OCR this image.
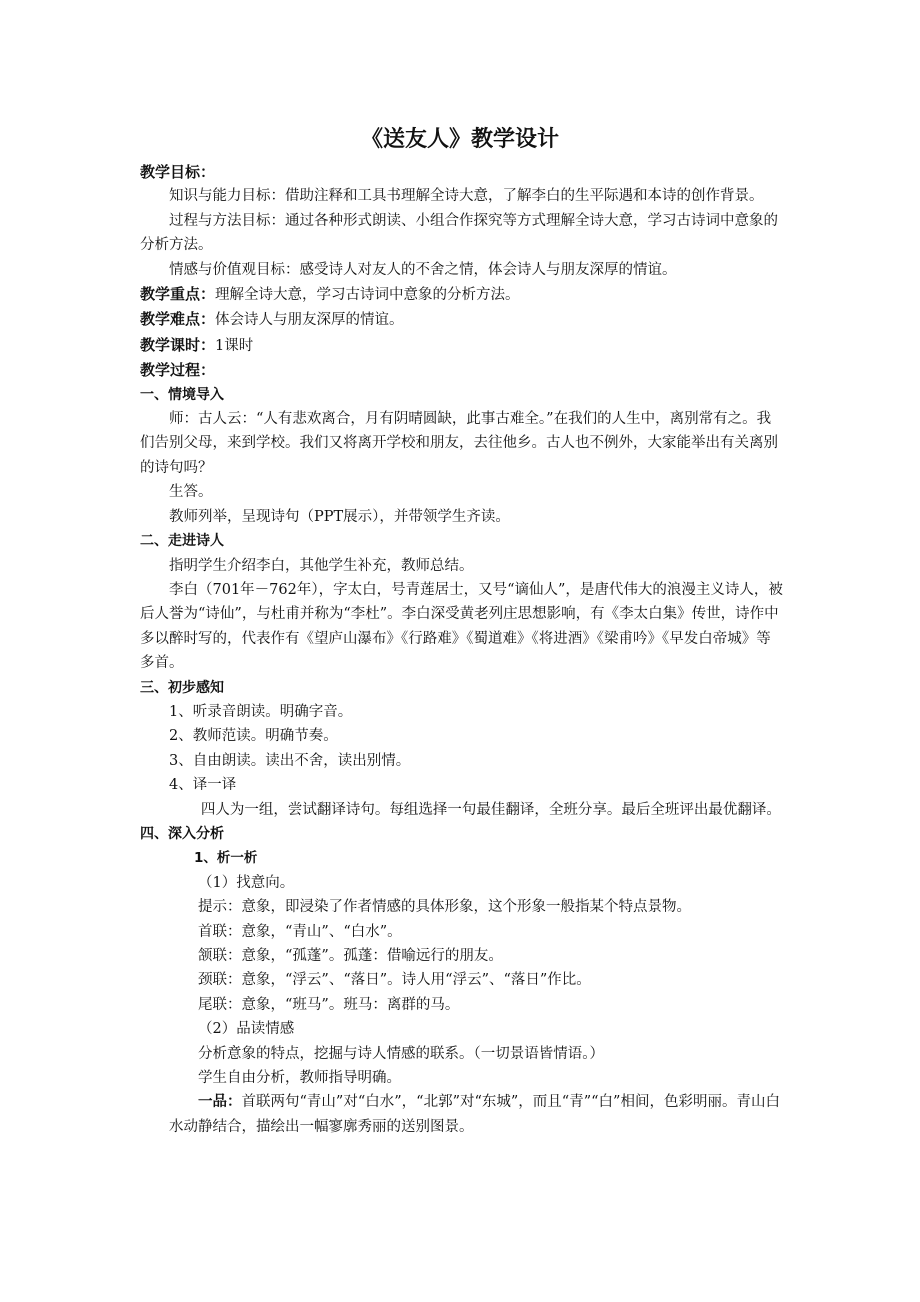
《送友人》教学设计
教学目标：
知识与能力目标：借助注释和工具书理解全诗大意，了解李白的生平际遇和本诗的创作背景。
过程与方法目标：通过各种形式朗读、小组合作探究等方式理解全诗大意，学习古诗词中意象的分析方法。
情感与价值观目标：感受诗人对友人的不舍之情，体会诗人与朋友深厚的情谊。
教学重点：理解全诗大意，学习古诗词中意象的分析方法。
教学难点：体会诗人与朋友深厚的情谊。
教学课时：1课时
教学过程：
一、情境导入
师：古人云：“人有悲欢离合，月有阴晴圆缺，此事古难全。”在我们的人生中，离别常有之。我们告别父母，来到学校。我们又将离开学校和朋友，去往他乡。古人也不例外，大家能举出有关离别的诗句吗？
生答。
教师列举，呈现诗句（PPT展示），并带领学生齐读。
二、走进诗人
指明学生介绍李白，其他学生补充，教师总结。
李白（701年－762年），字太白，号青莲居士，又号“谪仙人”，是唐代伟大的浪漫主义诗人，被后人誉为“诗仙”，与杜甫并称为“李杜”。李白深受黄老列庄思想影响，有《李太白集》传世，诗作中多以醉时写的，代表作有《望庐山瀑布》《行路难》《蜀道难》《将进酒》《梁甫吟》《早发白帝城》等多首。
三、初步感知
1、听录音朗读。明确字音。
2、教师范读。明确节奏。
3、自由朗读。读出不舍，读出别情。
4、译一译
四人为一组，尝试翻译诗句。每组选择一句最佳翻译，全班分享。最后全班评出最优翻译。
四、深入分析
1、析一析
（1）找意向。
提示：意象，即浸染了作者情感的具体形象，这个形象一般指某个特点景物。
首联：意象，“青山”、“白水”。
颔联：意象，“孤蓬”。孤蓬：借喻远行的朋友。
颈联：意象，“浮云”、“落日”。诗人用“浮云”、“落日”作比。
尾联：意象，“班马”。班马：离群的马。
（2）品读情感
分析意象的特点，挖掘与诗人情感的联系。（一切景语皆情语。）
学生自由分析，教师指导明确。
一品：首联两句“青山”对“白水”，“北郭”对“东城”，而且“青”“白”相间，色彩明丽。青山白水动静结合，描绘出一幅寥廓秀丽的送别图景。
